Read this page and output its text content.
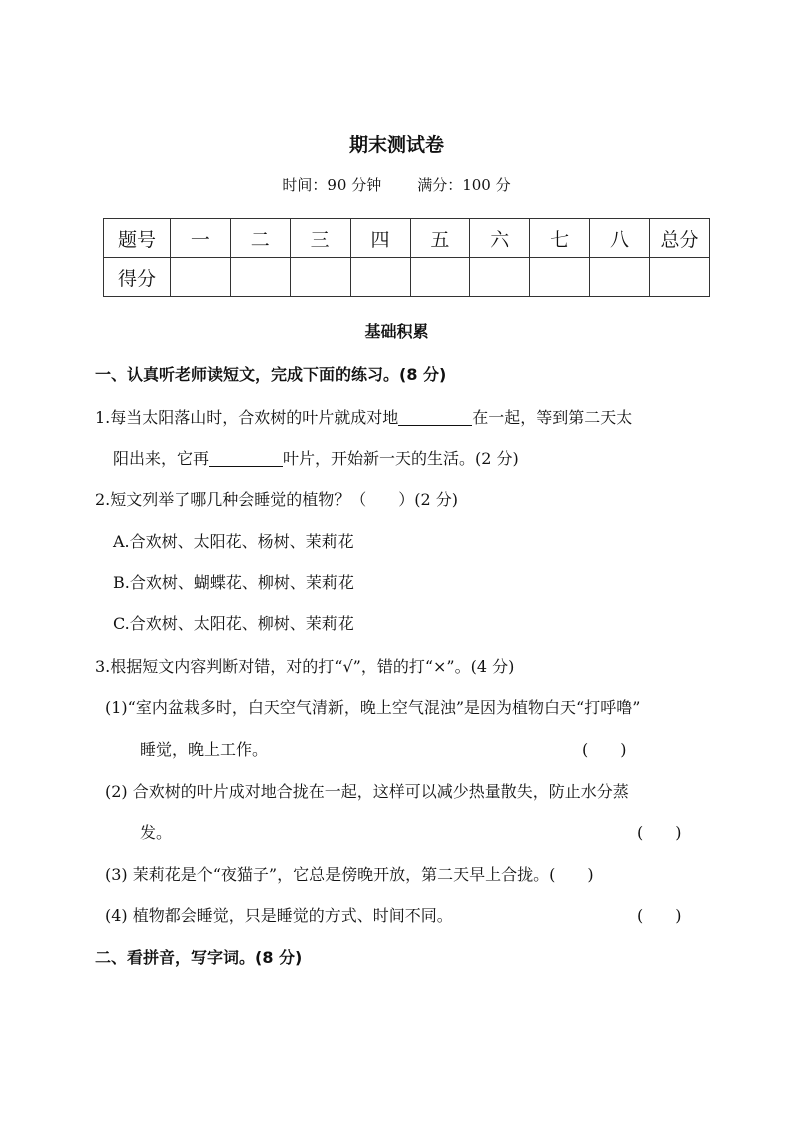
期末测试卷
时间：90 分钟 满分：100 分
题号	一	二	三	四	五	六	七	八	总分
得分									
基础积累
一、认真听老师读短文，完成下面的练习。(8 分)
1.每当太阳落山时，合欢树的叶片就成对地	在一起，等到第二天太
阳出来，它再	叶片，开始新一天的生活。(2 分)
2.短文列举了哪几种会睡觉的植物？（　　）(2 分)
A.合欢树、太阳花、杨树、茉莉花
B.合欢树、蝴蝶花、柳树、茉莉花
C.合欢树、太阳花、柳树、茉莉花
3.根据短文内容判断对错，对的打“√”，错的打“×”。(4 分)
(1)“室内盆栽多时，白天空气清新，晚上空气混浊”是因为植物白天“打呼噜”
睡觉，晚上工作。	(　　)
(2) 合欢树的叶片成对地合拢在一起，这样可以减少热量散失，防止水分蒸
发。	(　　)
(3) 茉莉花是个“夜猫子”，它总是傍晚开放，第二天早上合拢。(　　)
(4) 植物都会睡觉，只是睡觉的方式、时间不同。	(　　)
二、看拼音，写字词。(8 分)
